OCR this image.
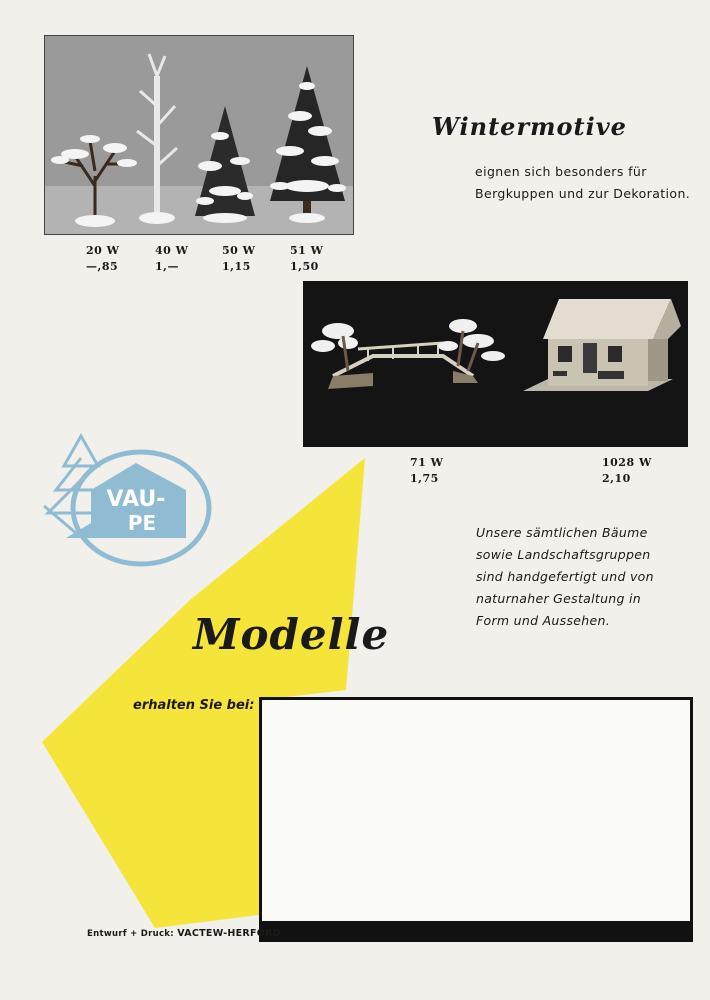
20 W
—,85
40 W
1,—
50 W
1,15
51 W
1,50
Wintermotive
eignen sich besonders für
Bergkuppen und zur Dekoration.
71 W
1,75
1028 W
2,10
VAU-
PE	Unsere sämtlichen Bäume
sowie Landschaftsgruppen
sind handgefertigt und von
naturnaher Gestaltung in
Form und Aussehen.
Modelle
erhalten Sie bei:
Entwurf + Druck: VACTEW-HERFORD
